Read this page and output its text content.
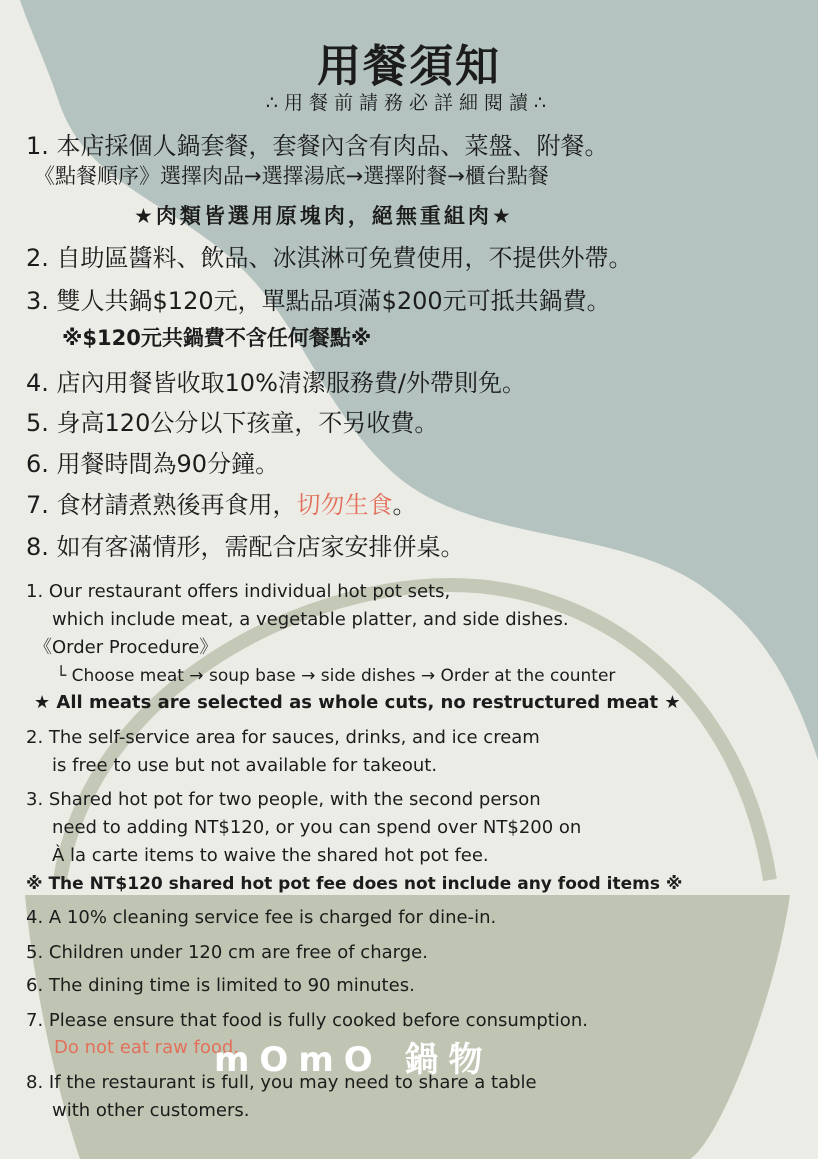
用餐須知
∴用餐前請務必詳細閱讀∴
1. 本店採個人鍋套餐，套餐內含有肉品、菜盤、附餐。
《點餐順序》選擇肉品→選擇湯底→選擇附餐→櫃台點餐
★肉類皆選用原塊肉，絕無重組肉★
2. 自助區醬料、飲品、冰淇淋可免費使用，不提供外帶。
3. 雙人共鍋$120元，單點品項滿$200元可抵共鍋費。
※$120元共鍋費不含任何餐點※
4. 店內用餐皆收取10%清潔服務費/外帶則免。
5. 身高120公分以下孩童，不另收費。
6. 用餐時間為90分鐘。
7. 食材請煮熟後再食用，切勿生食。
8. 如有客滿情形，需配合店家安排併桌。
1. Our restaurant offers individual hot pot sets,
which include meat, a vegetable platter, and side dishes.
《Order Procedure》
└ Choose meat → soup base → side dishes → Order at the counter
★ All meats are selected as whole cuts, no restructured meat ★
2. The self-service area for sauces, drinks, and ice cream
is free to use but not available for takeout.
3. Shared hot pot for two people, with the second person
need to adding NT$120, or you can spend over NT$200 on
À la carte items to waive the shared hot pot fee.
※ The NT$120 shared hot pot fee does not include any food items ※
4. A 10% cleaning service fee is charged for dine-in.
5. Children under 120 cm are free of charge.
6. The dining time is limited to 90 minutes.
7. Please ensure that food is fully cooked before consumption.
Do not eat raw food.
mOmO 鍋物
8. If the restaurant is full, you may need to share a table
with other customers.
